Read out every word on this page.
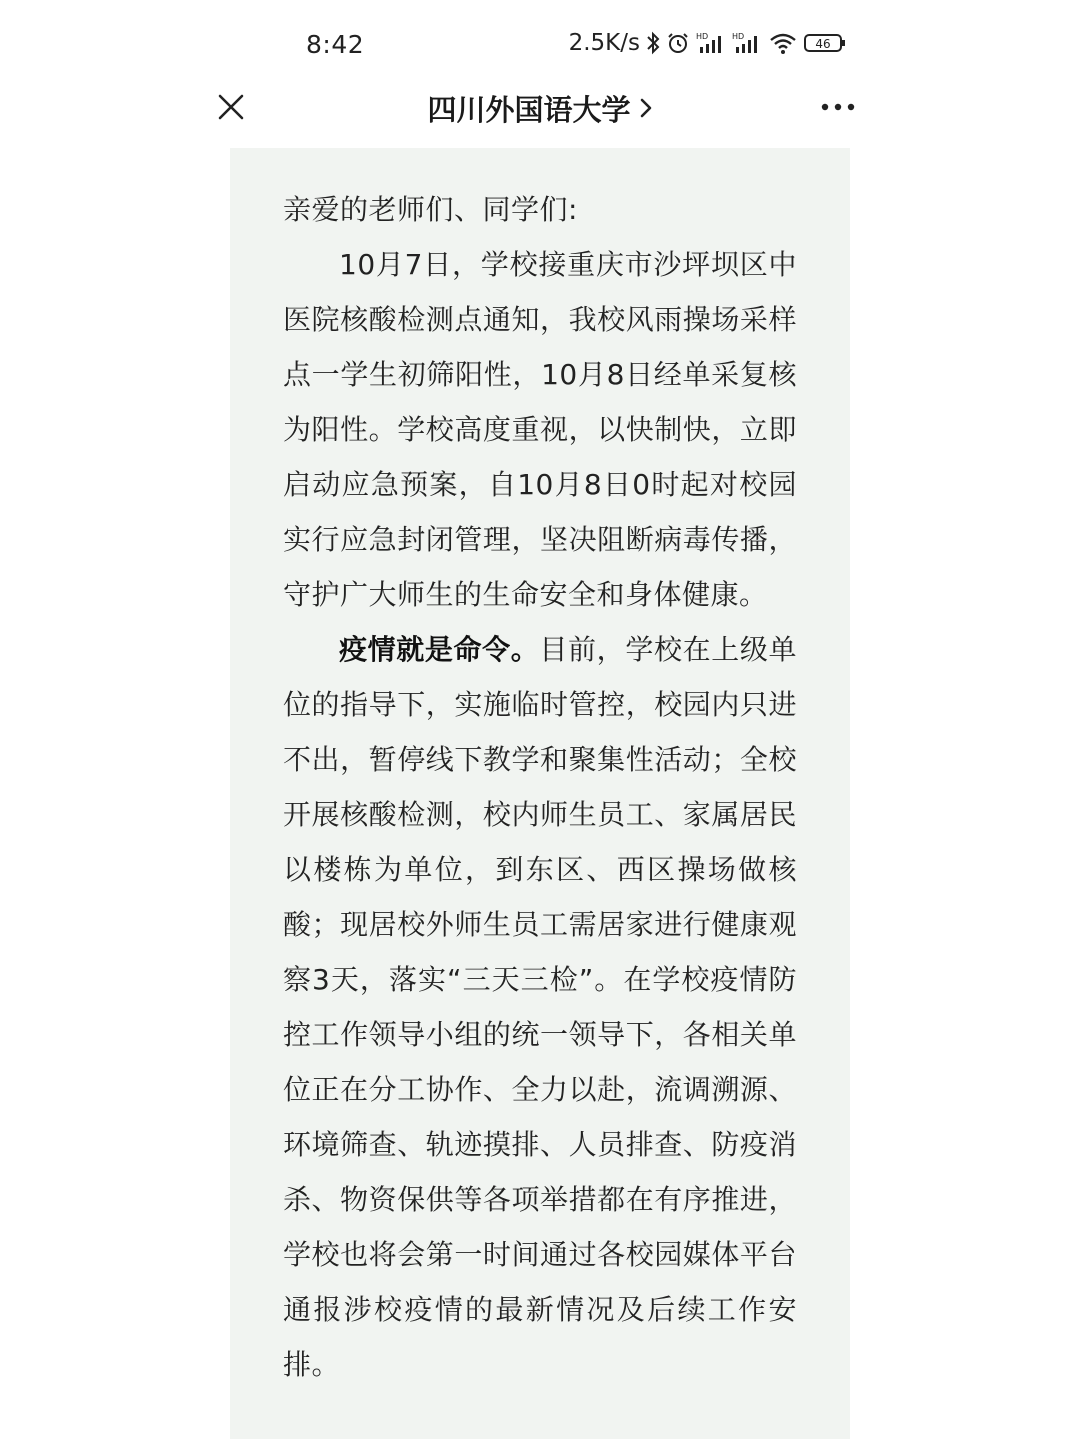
8:42	2.5K/s	HD	HD
46
四川外国语大学

亲爱的老师们、同学们:

10月7日，学校接重庆市沙坪坝区中医院核酸检测点通知，我校风雨操场采样点一学生初筛阳性，10月8日经单采复核为阳性。学校高度重视，以快制快，立即启动应急预案，自10月8日0时起对校园实行应急封闭管理，坚决阻断病毒传播，守护广大师生的生命安全和身体健康。

疫情就是命令。目前，学校在上级单位的指导下，实施临时管控，校园内只进不出，暂停线下教学和聚集性活动；全校开展核酸检测，校内师生员工、家属居民以楼栋为单位，到东区、西区操场做核酸；现居校外师生员工需居家进行健康观察3天，落实“三天三检”。在学校疫情防控工作领导小组的统一领导下，各相关单位正在分工协作、全力以赴，流调溯源、环境筛查、轨迹摸排、人员排查、防疫消杀、物资保供等各项举措都在有序推进，学校也将会第一时间通过各校园媒体平台通报涉校疫情的最新情况及后续工作安排。
